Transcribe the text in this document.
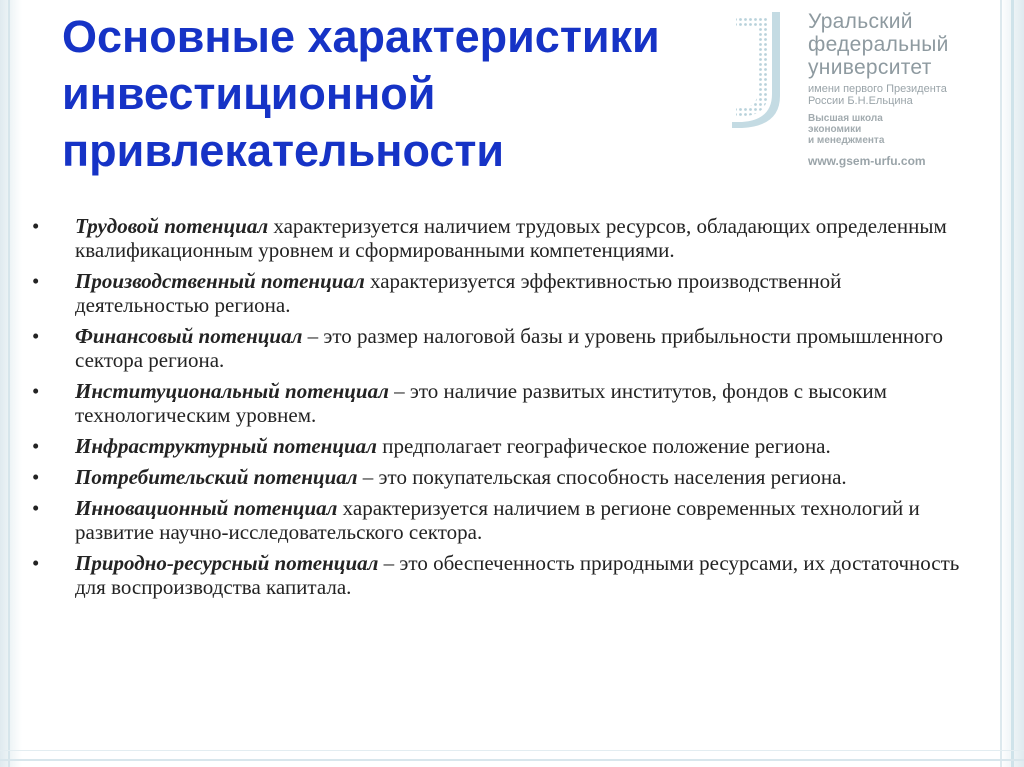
Основные характеристики
инвестиционной
привлекательности
Уральский
федеральный
университет
имени первого Президента
России Б.Н.Ельцина
Высшая школа
экономики
и менеджмента
www.gsem-urfu.com
•	Трудовой потенциал характеризуется наличием трудовых ресурсов, обладающих определенным квалификационным уровнем и сформированными компетенциями.
•	Производственный потенциал характеризуется эффективностью производственной деятельностью региона.
•	Финансовый потенциал – это размер налоговой базы и уровень прибыльности промышленного сектора региона.
•	Институциональный потенциал – это наличие развитых институтов, фондов с высоким технологическим уровнем.
•	Инфраструктурный потенциал предполагает географическое положение региона.
•	Потребительский потенциал – это покупательская способность населения региона.
•	Инновационный потенциал характеризуется наличием в регионе современных технологий и развитие научно-исследовательского сектора.
•	Природно-ресурсный потенциал – это обеспеченность природными ресурсами, их достаточность для воспроизводства капитала.
